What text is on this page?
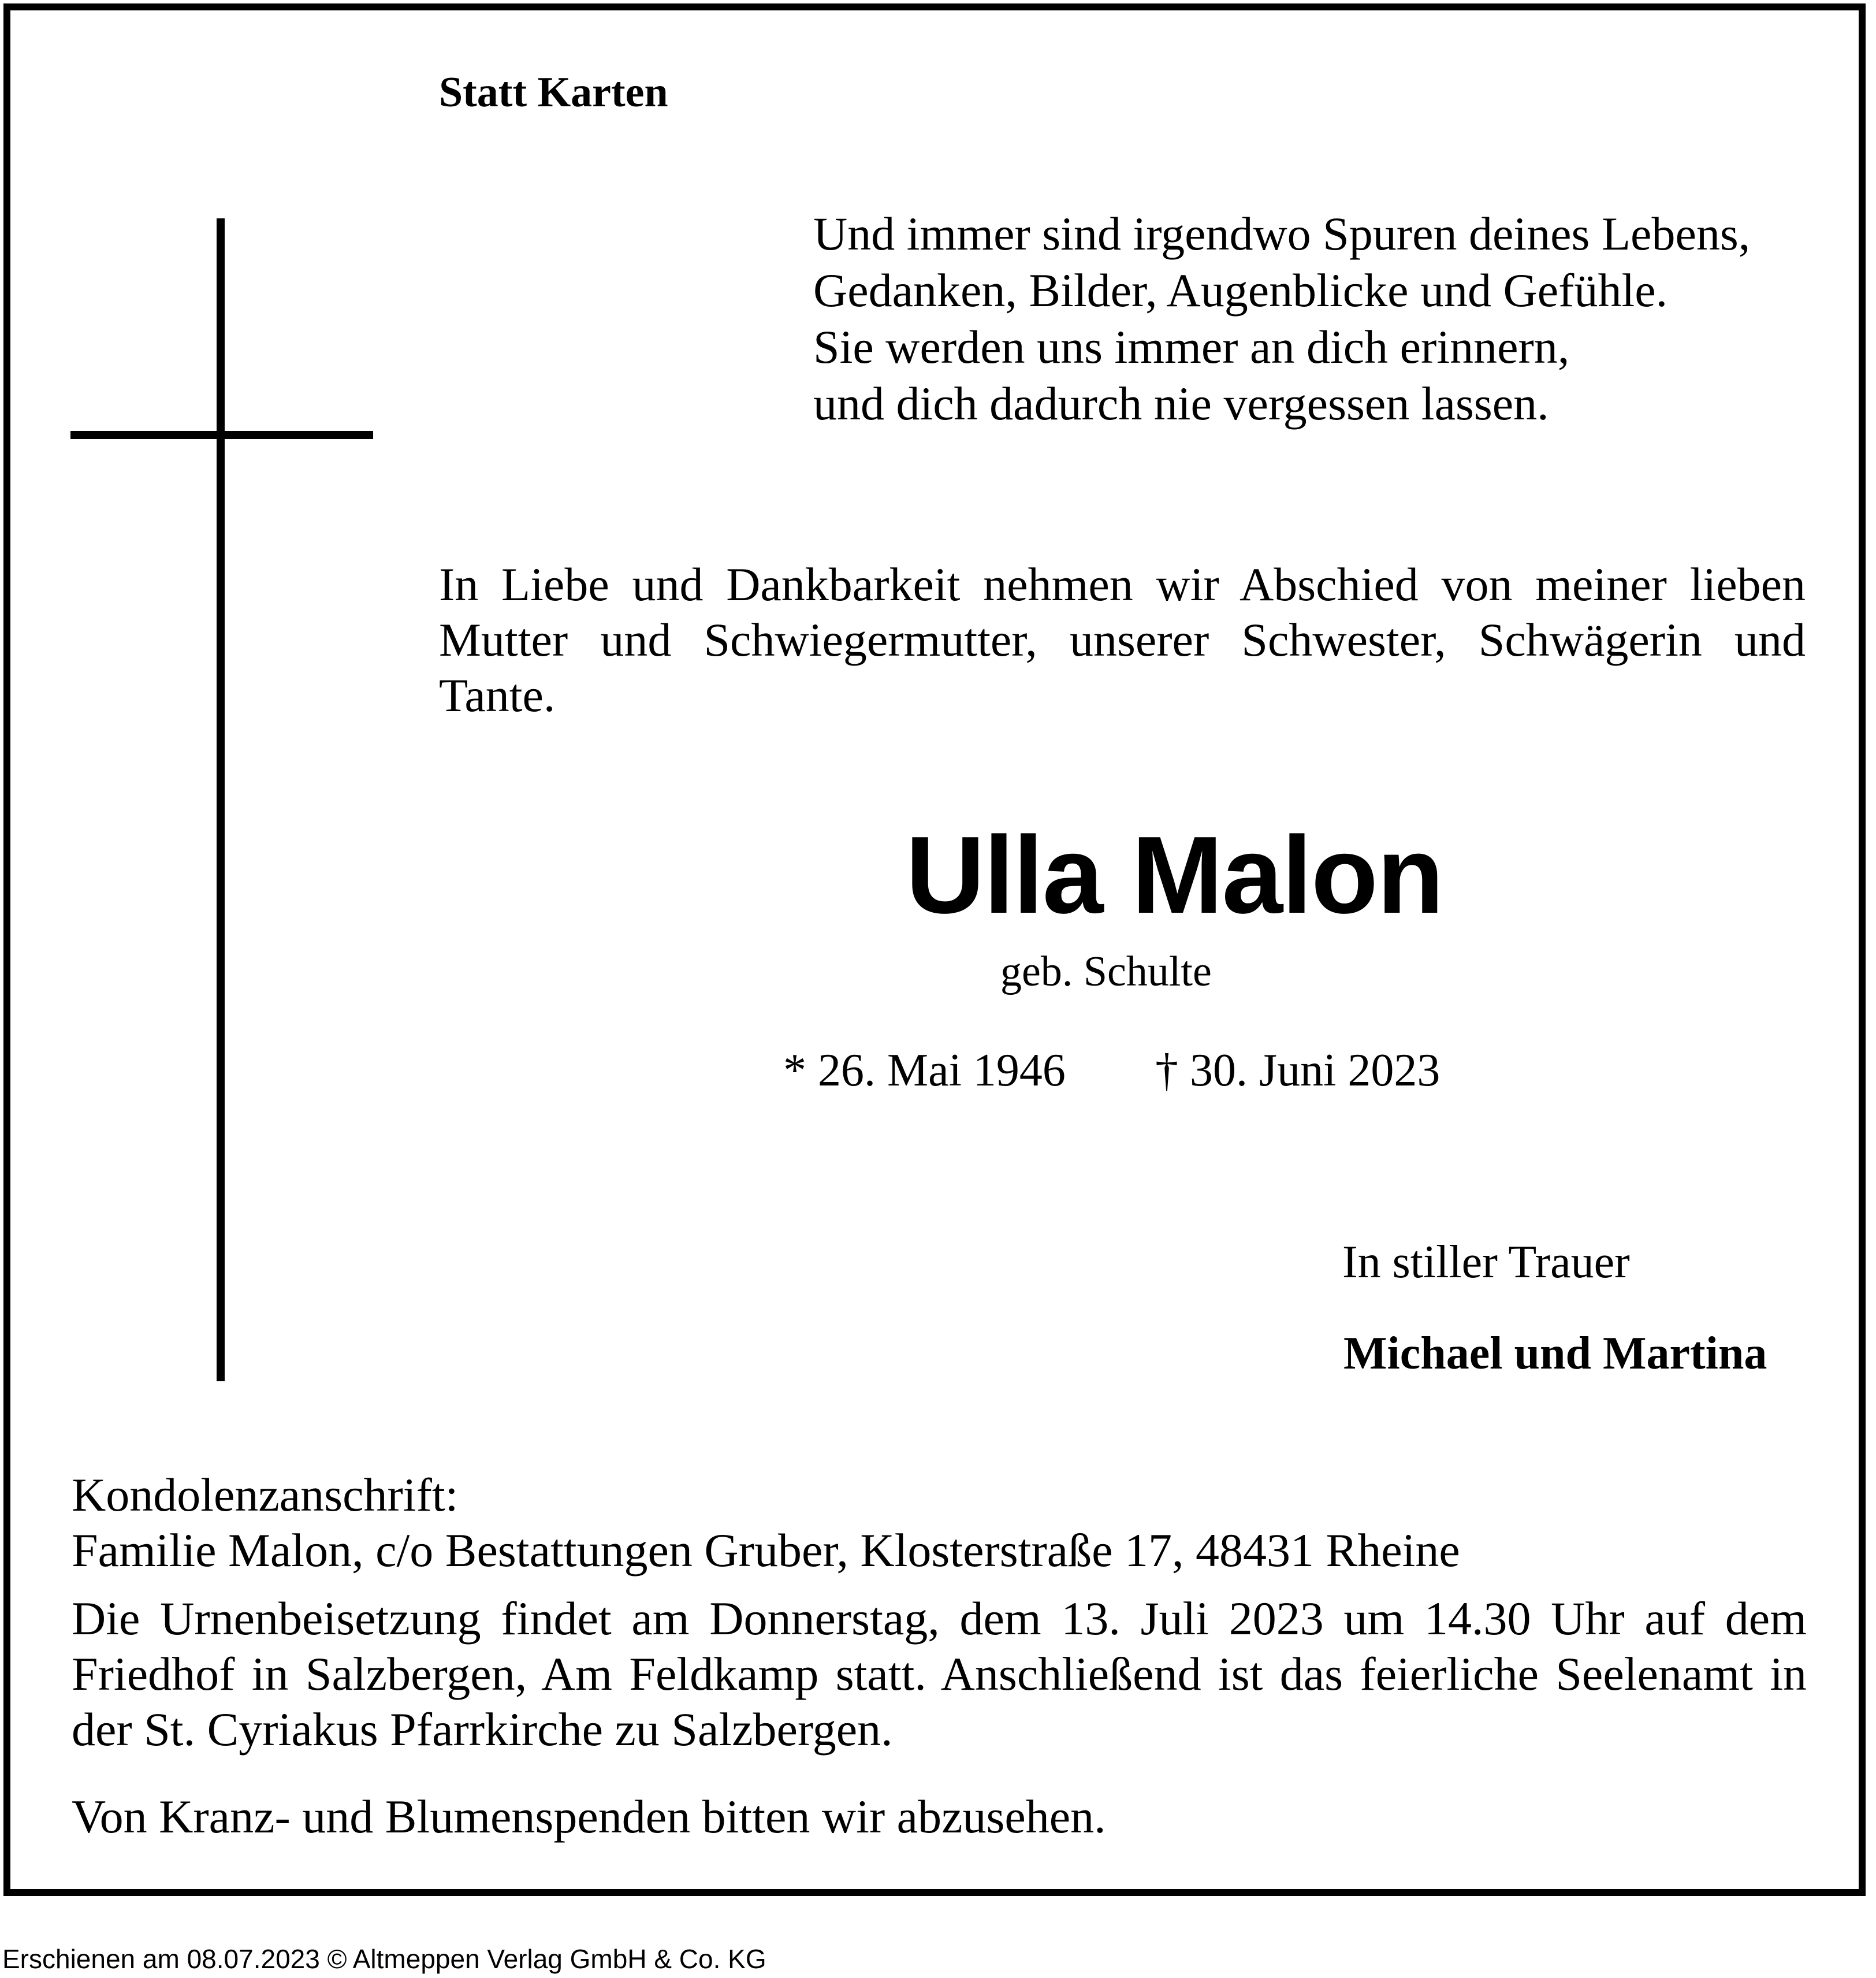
Statt Karten
Und immer sind irgendwo Spuren deines Lebens,
Gedanken, Bilder, Augenblicke und Gefühle.
Sie werden uns immer an dich erinnern,
und dich dadurch nie vergessen lassen.
In Liebe und Dankbarkeit nehmen wir Abschied von meiner lieben Mutter und Schwiegermutter, unserer Schwester, Schwägerin und Tante.
Ulla Malon
geb. Schulte
* 26. Mai 1946 † 30. Juni 2023
In stiller Trauer
Michael und Martina
Kondolenzanschrift:
Familie Malon, c/o Bestattungen Gruber, Klosterstraße 17, 48431 Rheine
Die Urnenbeisetzung findet am Donnerstag, dem 13. Juli 2023 um 14.30 Uhr auf dem Friedhof in Salzbergen, Am Feldkamp statt. Anschließend ist das feierliche Seelenamt in der St. Cyriakus Pfarrkirche zu Salzbergen.
Von Kranz- und Blumenspenden bitten wir abzusehen.
Erschienen am 08.07.2023 © Altmeppen Verlag GmbH & Co. KG
